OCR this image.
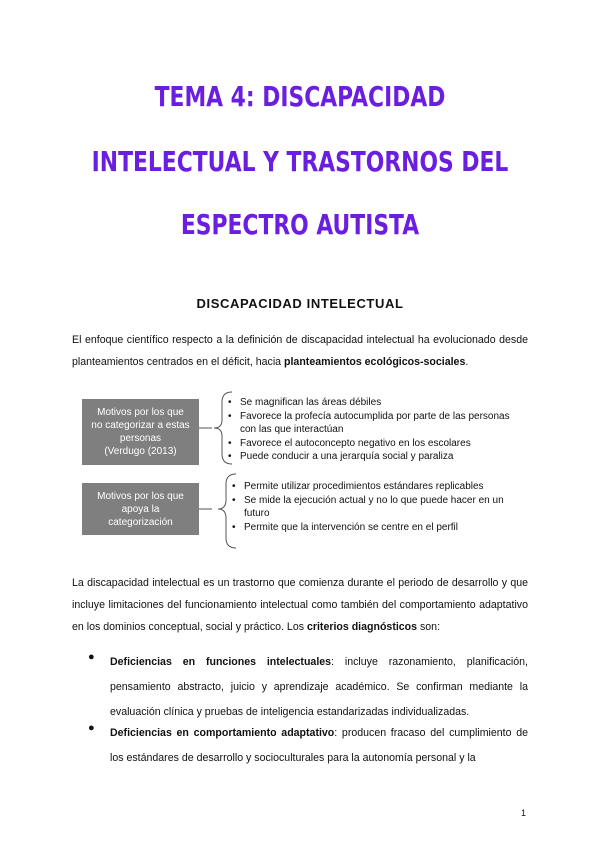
TEMA 4: DISCAPACIDAD
INTELECTUAL Y TRASTORNOS DEL
ESPECTRO AUTISTA
DISCAPACIDAD INTELECTUAL
El enfoque científico respecto a la definición de discapacidad intelectual ha evolucionado desde planteamientos centrados en el déficit, hacia planteamientos ecológicos-sociales.
Motivos por los que
no categorizar a estas
personas
(Verdugo (2013)
Motivos por los que
apoya la
categorización
• Se magnifican las áreas débiles
• Favorece la profecía autocumplida por parte de las personas con las que interactúan
• Favorece el autoconcepto negativo en los escolares
• Puede conducir a una jerarquía social y paraliza
• Permite utilizar procedimientos estándares replicables
• Se mide la ejecución actual y no lo que puede hacer en un futuro
• Permite que la intervención se centre en el perfil
La discapacidad intelectual es un trastorno que comienza durante el periodo de desarrollo y que incluye limitaciones del funcionamiento intelectual como también del comportamiento adaptativo en los dominios conceptual, social y práctico. Los criterios diagnósticos son:
● Deficiencias en funciones intelectuales: incluye razonamiento, planificación, pensamiento abstracto, juicio y aprendizaje académico. Se confirman mediante la evaluación clínica y pruebas de inteligencia estandarizadas individualizadas.
● Deficiencias en comportamiento adaptativo: producen fracaso del cumplimiento de los estándares de desarrollo y socioculturales para la autonomía personal y la
1
